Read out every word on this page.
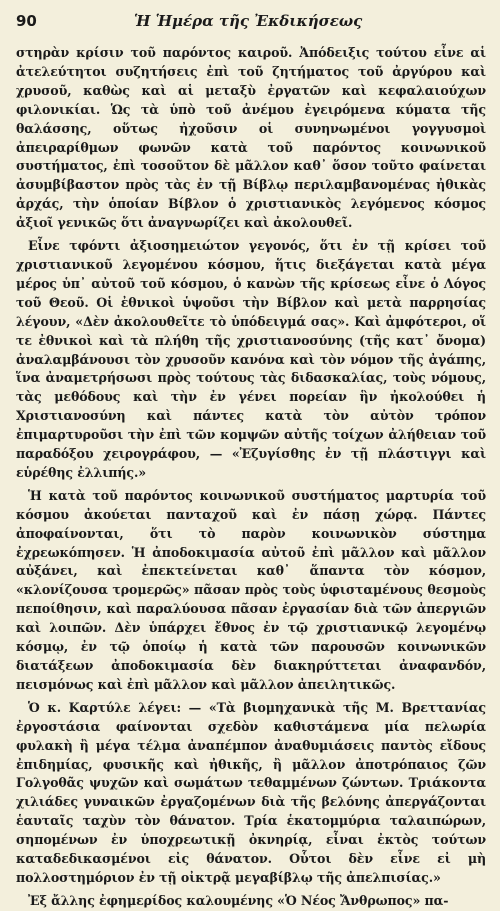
90	Ἡ Ἡμέρα τῆς Ἐκδικήσεως

στηρὰν κρίσιν τοῦ παρόντος καιροῦ. Ἀπόδειξις τούτου εἶνε αἱ ἀτελεύτητοι συζητήσεις ἐπὶ τοῦ ζητήματος τοῦ ἀργύρου καὶ χρυσοῦ, καθὼς καὶ αἱ μεταξὺ ἐργατῶν καὶ κεφαλαιούχων φιλονικίαι. Ὡς τὰ ὑπὸ τοῦ ἀνέμου ἐγειρόμενα κύματα τῆς θαλάσσης, οὕτως ἠχοῦσιν οἱ συνηνωμένοι γογγυσμοὶ ἀπειραρίθμων φωνῶν κατὰ τοῦ παρόντος κοινωνικοῦ συστήματος, ἐπὶ τοσοῦτον δὲ μᾶλλον καθ᾽ ὅσον τοῦτο φαίνεται ἀσυμβίβαστον πρὸς τὰς ἐν τῇ Βίβλῳ περιλαμβανομένας ἠθικὰς ἀρχάς, τὴν ὁποίαν Βίβλον ὁ χριστιανικὸς λεγόμενος κόσμος ἀξιοῖ γενικῶς ὅτι ἀναγνωρίζει καὶ ἀκολουθεῖ.

Εἶνε τφόντι ἀξιοσημειώτον γεγονός, ὅτι ἐν τῇ κρίσει τοῦ χριστιανικοῦ λεγομένου κόσμου, ἥτις διεξάγεται κατὰ μέγα μέρος ὑπ᾽ αὐτοῦ τοῦ κόσμου, ὁ κανὼν τῆς κρίσεως εἶνε ὁ Λόγος τοῦ Θεοῦ. Οἱ ἐθνικοὶ ὑψοῦσι τὴν Βίβλον καὶ μετὰ παρρησίας λέγουν, «Δὲν ἀκολουθεῖτε τὸ ὑπόδειγμά σας». Καὶ ἀμφότεροι, οἵ τε ἐθνικοὶ καὶ τὰ πλήθη τῆς χριστιανοσύνης (τῆς κατ᾽ ὄνομα) ἀναλαμβάνουσι τὸν χρυσοῦν κανόνα καὶ τὸν νόμον τῆς ἀγάπης, ἵνα ἀναμετρήσωσι πρὸς τούτους τὰς διδασκαλίας, τοὺς νόμους, τὰς μεθόδους καὶ τὴν ἐν γένει πορείαν ἣν ἠκολούθει ἡ Χριστιανοσύνη καὶ πάντες κατὰ τὸν αὐτὸν τρόπον ἐπιμαρτυροῦσι τὴν ἐπὶ τῶν κομψῶν αὐτῆς τοίχων ἀλήθειαν τοῦ παραδόξου χειρογράφου, — «Ἐζυγίσθης ἐν τῇ πλάστιγγι καὶ εὑρέθης ἐλλιπής.»

Ἡ κατὰ τοῦ παρόντος κοινωνικοῦ συστήματος μαρτυρία τοῦ κόσμου ἀκούεται πανταχοῦ καὶ ἐν πάσῃ χώρᾳ. Πάντες ἀποφαίνονται, ὅτι τὸ παρὸν κοινωνικὸν σύστημα ἐχρεωκόπησεν. Ἡ ἀποδοκιμασία αὐτοῦ ἐπὶ μᾶλλον καὶ μᾶλλον αὐξάνει, καὶ ἐπεκτείνεται καθ᾽ ἅπαντα τὸν κόσμον, «κλονίζουσα τρομερῶς» πᾶσαν πρὸς τοὺς ὑφισταμένους θεσμοὺς πεποίθησιν, καὶ παραλύουσα πᾶσαν ἐργασίαν διὰ τῶν ἀπεργιῶν καὶ λοιπῶν. Δὲν ὑπάρχει ἔθνος ἐν τῷ χριστιανικῷ λεγομένῳ κόσμῳ, ἐν τῷ ὁποίῳ ἡ κατὰ τῶν παρουσῶν κοινωνικῶν διατάξεων ἀποδοκιμασία δὲν διακηρύττεται ἀναφανδόν, πεισμόνως καὶ ἐπὶ μᾶλλον καὶ μᾶλλον ἀπειλητικῶς.

Ὁ κ. Καρτύλε λέγει: — «Τὰ βιομηχανικὰ τῆς Μ. Βρεττανίας ἐργοστάσια φαίνονται σχεδὸν καθιστάμενα μία πελωρία φυλακὴ ἢ μέγα τέλμα ἀναπέμπον ἀναθυμιάσεις παντὸς εἴδους ἐπιδημίας, φυσικῆς καὶ ἠθικῆς, ἢ μᾶλλον ἀποτρόπαιος ζῶν Γολγοθᾶς ψυχῶν καὶ σωμάτων τεθαμμένων ζώντων. Τριάκοντα χιλιάδες γυναικῶν ἐργαζομένων διὰ τῆς βελόνης ἀπεργάζονται ἑαυταῖς ταχὺν τὸν θάνατον. Τρία ἑκατομμύρια ταλαιπώρων, σηπομένων ἐν ὑποχρεωτικῇ ὀκνηρίᾳ, εἶναι ἐκτὸς τούτων καταδεδικασμένοι εἰς θάνατον. Οὗτοι δὲν εἶνε εἰ μὴ πολλοστημόριον ἐν τῇ οἰκτρᾷ μεγαβίβλῳ τῆς ἀπελπισίας.»

Ἐξ ἄλλης ἐφημερίδος καλουμένης «Ὁ Νέος Ἄνθρωπος» πα-
